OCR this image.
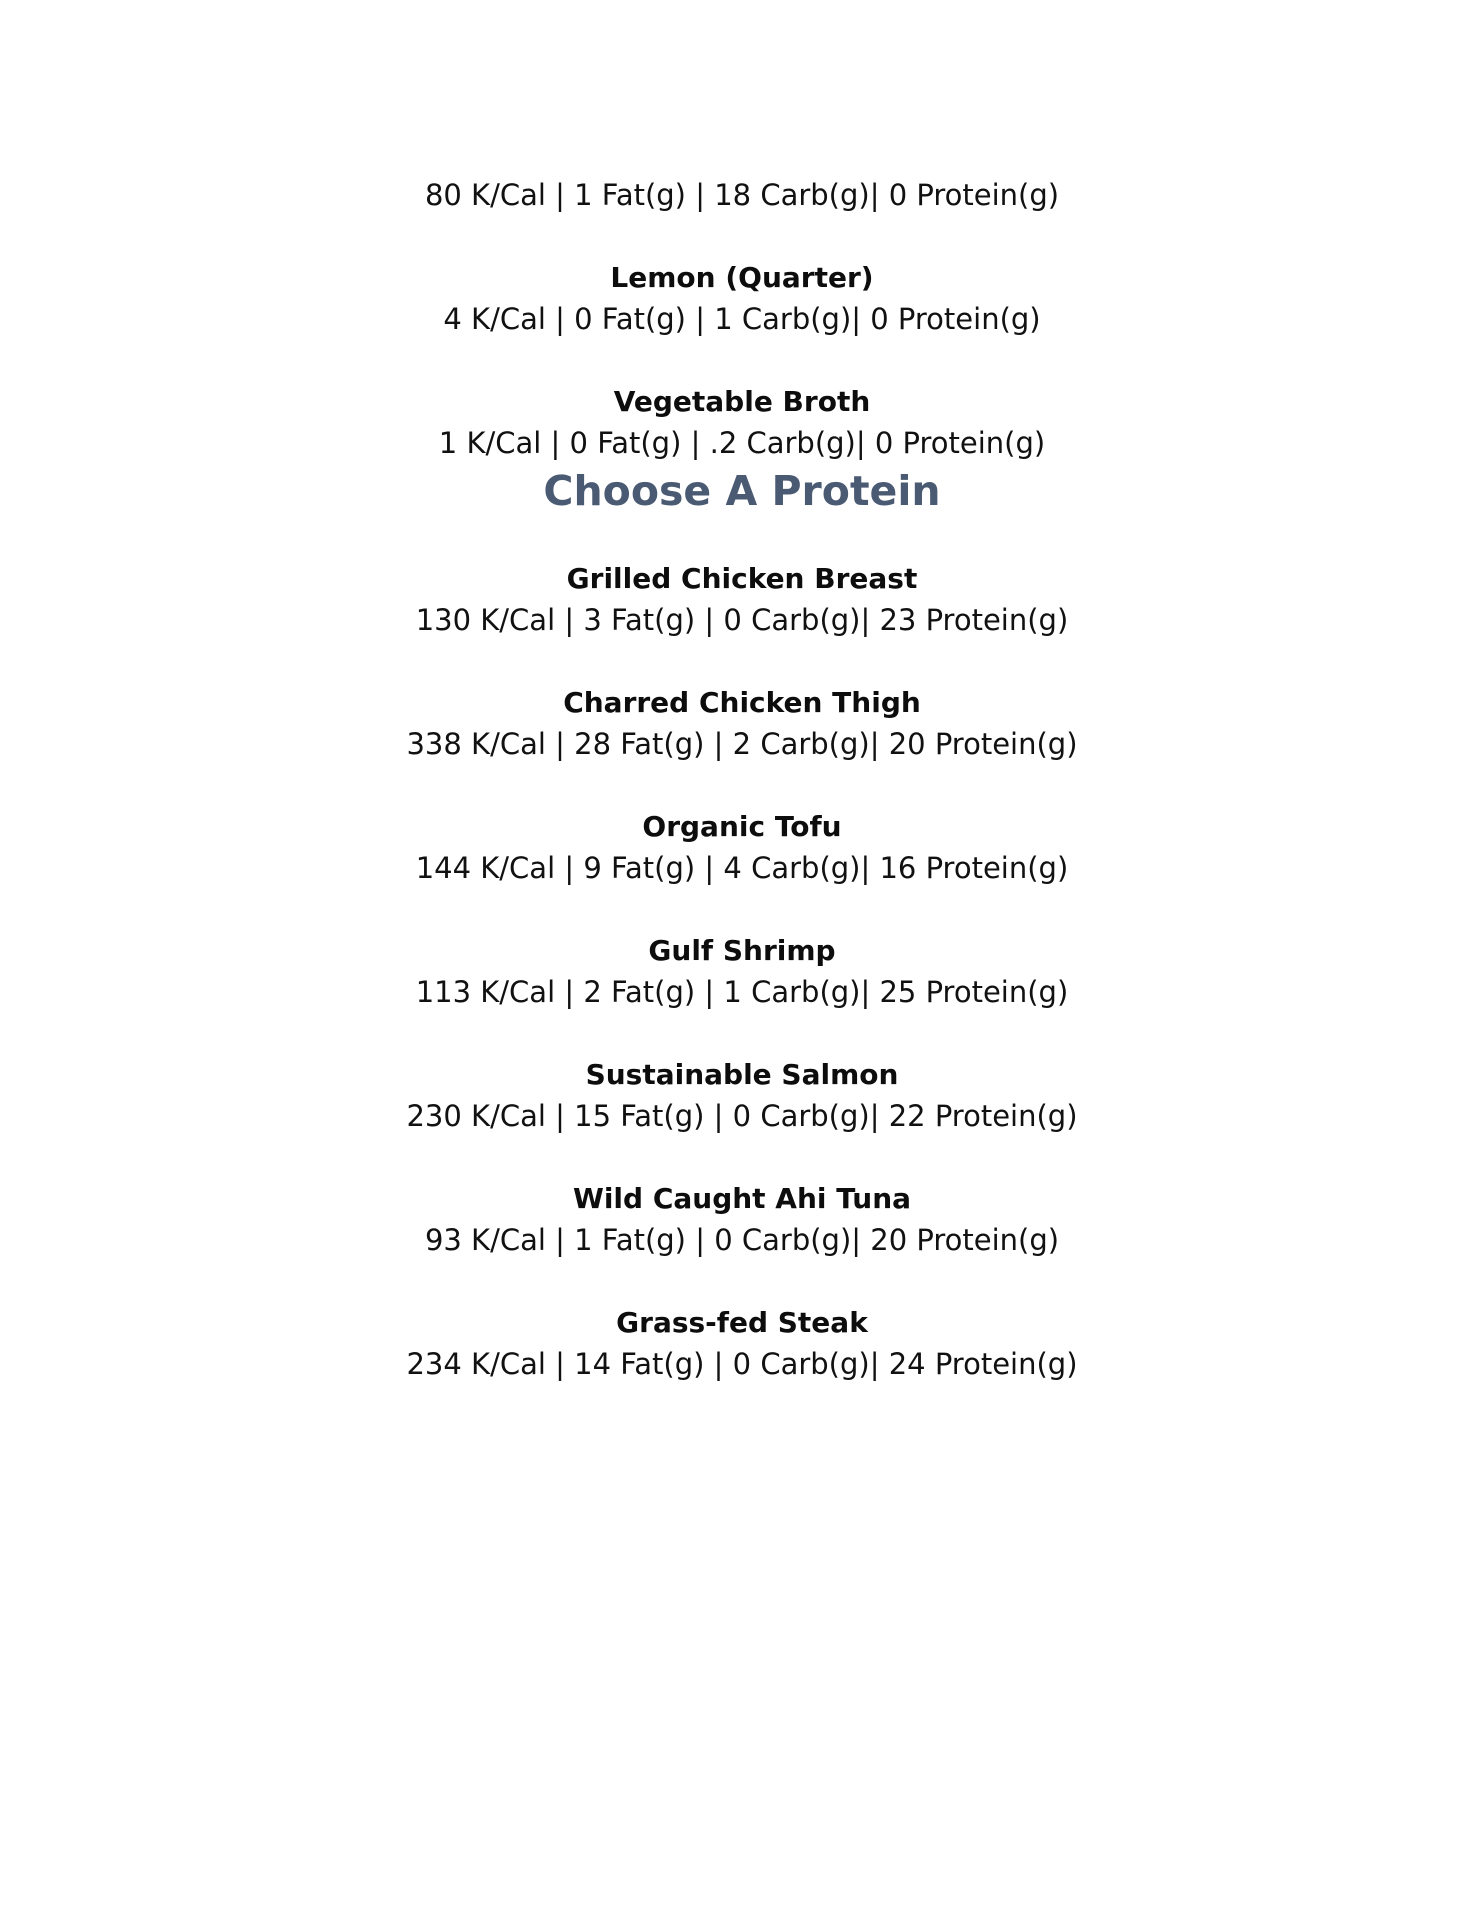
80 K/Cal | 1 Fat(g) | 18 Carb(g)| 0 Protein(g)
Lemon (Quarter)
4 K/Cal | 0 Fat(g) | 1 Carb(g)| 0 Protein(g)
Vegetable Broth
1 K/Cal | 0 Fat(g) | .2 Carb(g)| 0 Protein(g)
Choose A Protein
Grilled Chicken Breast
130 K/Cal | 3 Fat(g) | 0 Carb(g)| 23 Protein(g)
Charred Chicken Thigh
338 K/Cal | 28 Fat(g) | 2 Carb(g)| 20 Protein(g)
Organic Tofu
144 K/Cal | 9 Fat(g) | 4 Carb(g)| 16 Protein(g)
Gulf Shrimp
113 K/Cal | 2 Fat(g) | 1 Carb(g)| 25 Protein(g)
Sustainable Salmon
230 K/Cal | 15 Fat(g) | 0 Carb(g)| 22 Protein(g)
Wild Caught Ahi Tuna
93 K/Cal | 1 Fat(g) | 0 Carb(g)| 20 Protein(g)
Grass-fed Steak
234 K/Cal | 14 Fat(g) | 0 Carb(g)| 24 Protein(g)
